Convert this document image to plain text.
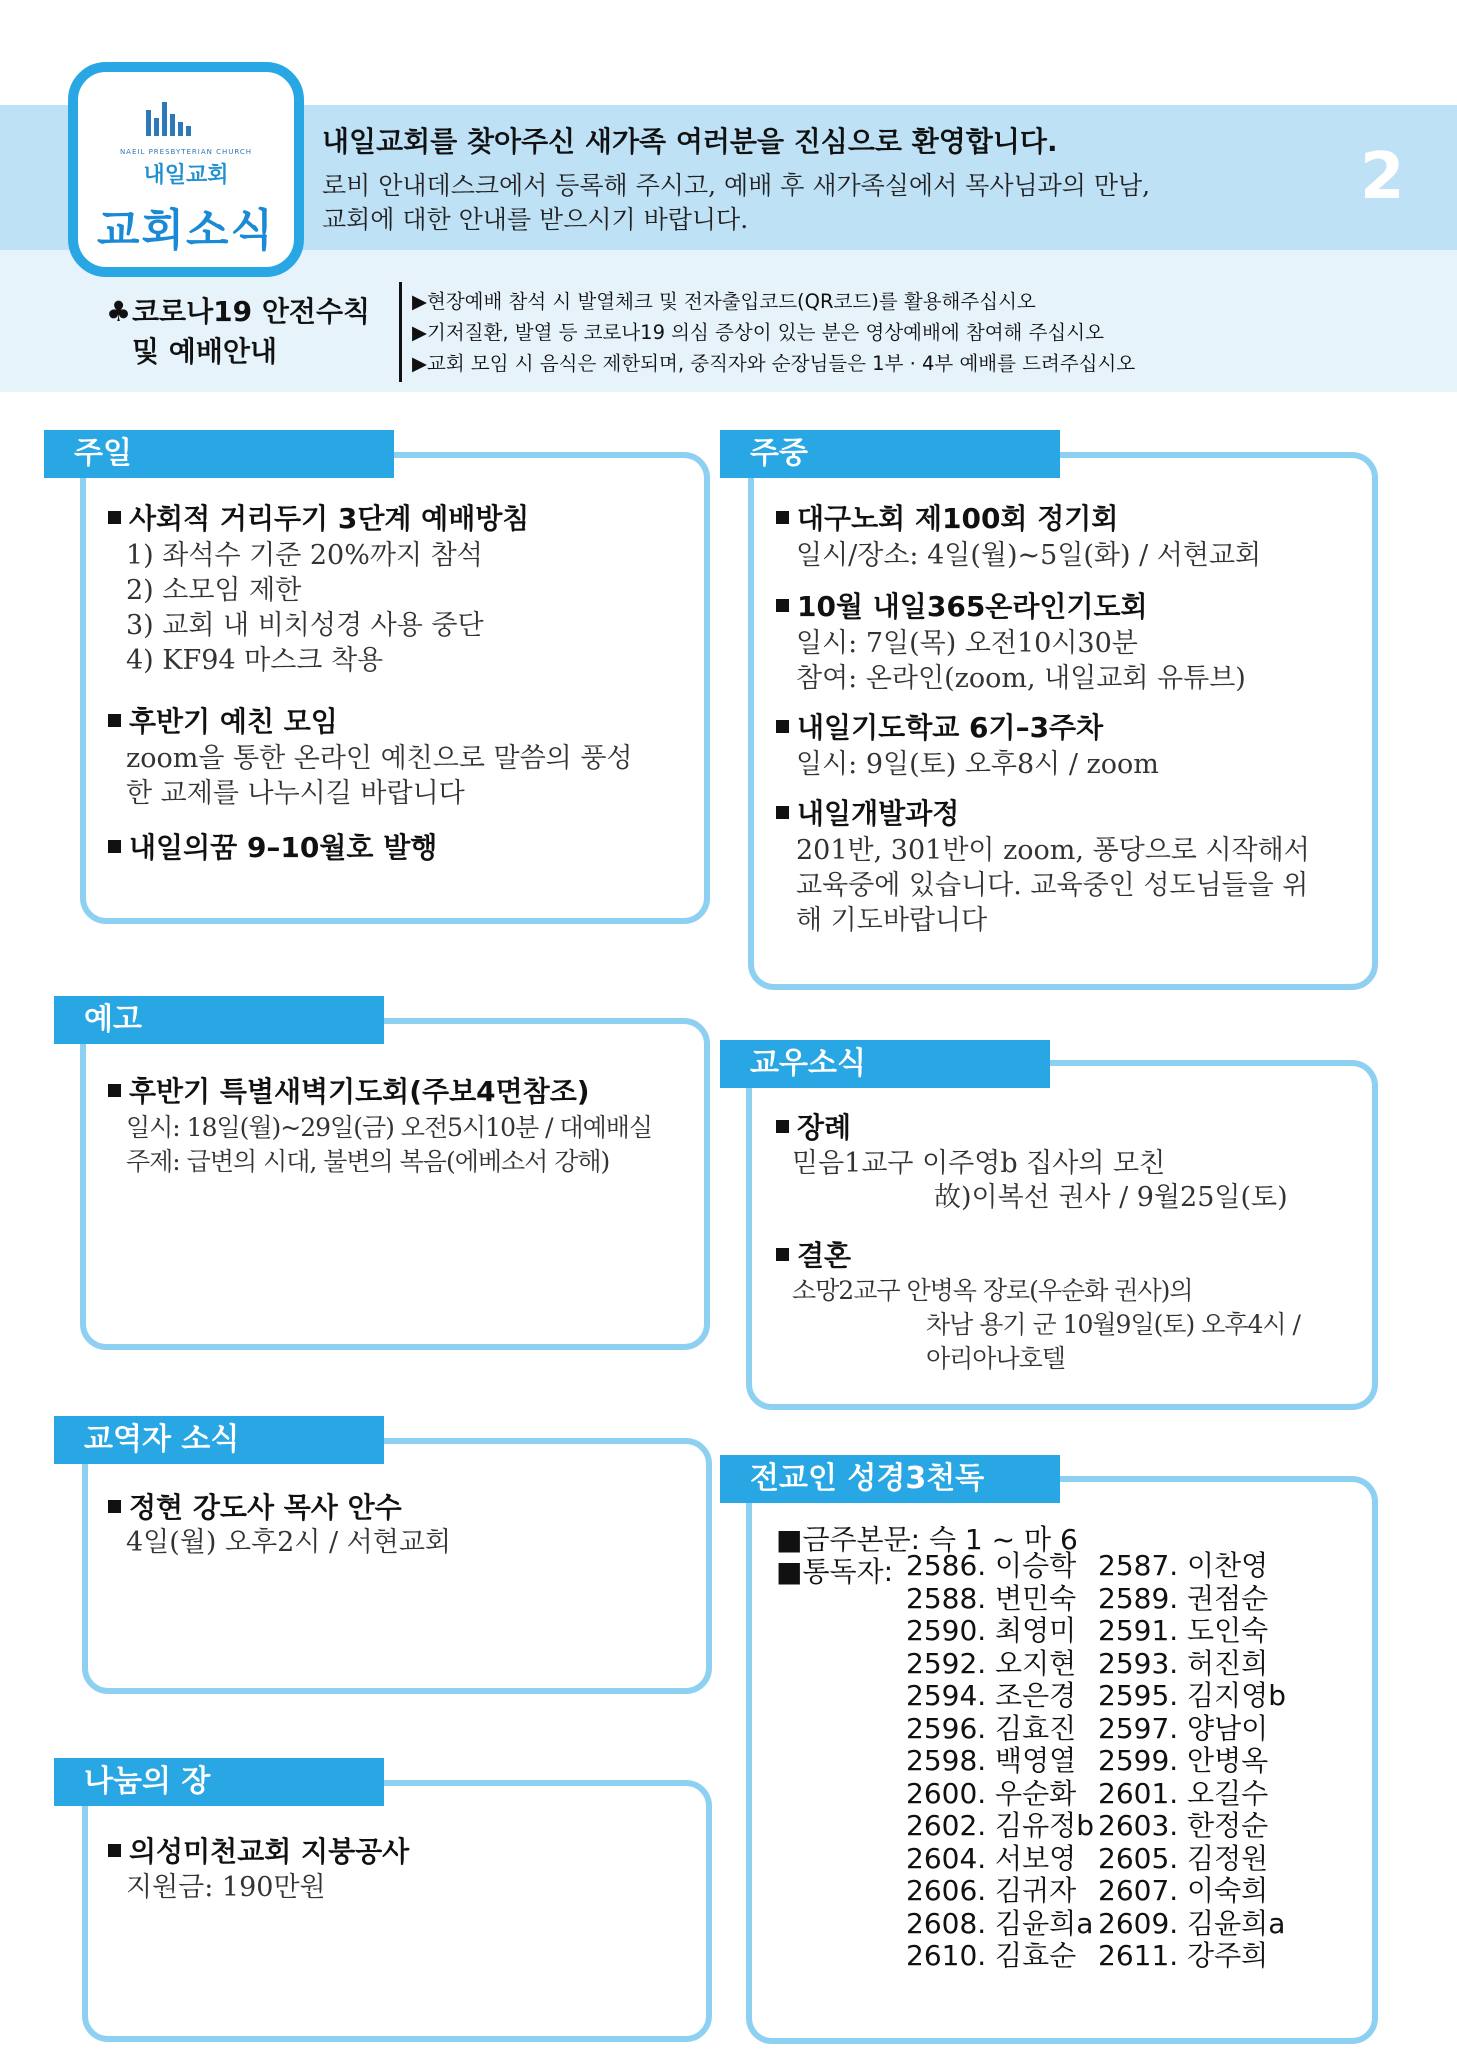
NAEIL PRESBYTERIAN CHURCH
내일교회
교회소식
내일교회를 찾아주신 새가족 여러분을 진심으로 환영합니다.
로비 안내데스크에서 등록해 주시고, 예배 후 새가족실에서 목사님과의 만남,
교회에 대한 안내를 받으시기 바랍니다.
2
♣ 코로나19 안전수칙
및 예배안내
▶현장예배 참석 시 발열체크 및 전자출입코드(QR코드)를 활용해주십시오
▶기저질환, 발열 등 코로나19 의심 증상이 있는 분은 영상예배에 참여해 주십시오
▶교회 모임 시 음식은 제한되며, 중직자와 순장님들은 1부 · 4부 예배를 드려주십시오
주일
사회적 거리두기 3단계 예배방침
1) 좌석수 기준 20%까지 참석
2) 소모임 제한
3) 교회 내 비치성경 사용 중단
4) KF94 마스크 착용
후반기 예친 모임
zoom을 통한 온라인 예친으로 말씀의 풍성
한 교제를 나누시길 바랍니다
내일의꿈 9–10월호 발행
주중
대구노회 제100회 정기회
일시/장소: 4일(월)~5일(화) / 서현교회
10월 내일365온라인기도회
일시: 7일(목) 오전10시30분
참여: 온라인(zoom, 내일교회 유튜브)
내일기도학교 6기–3주차
일시: 9일(토) 오후8시 / zoom
내일개발과정
201반, 301반이 zoom, 퐁당으로 시작해서
교육중에 있습니다. 교육중인 성도님들을 위
해 기도바랍니다
예고
후반기 특별새벽기도회(주보4면참조)
일시: 18일(월)~29일(금) 오전5시10분 / 대예배실
주제: 급변의 시대, 불변의 복음(에베소서 강해)
교우소식
장례
믿음1교구 이주영b 집사의 모친
故)이복선 권사 / 9월25일(토)
결혼
소망2교구 안병옥 장로(우순화 권사)의
차남 용기 군 10월9일(토) 오후4시 /
아리아나호텔
교역자 소식
정현 강도사 목사 안수
4일(월) 오후2시 / 서현교회
나눔의 장
의성미천교회 지붕공사
지원금: 190만원
전교인 성경3천독
■금주본문: 슥 1 ~ 마 6
■통독자: 2586. 이승학 2587. 이찬영
2588. 변민숙 2589. 권점순
2590. 최영미 2591. 도인숙
2592. 오지현 2593. 허진희
2594. 조은경 2595. 김지영b
2596. 김효진 2597. 양남이
2598. 백영열 2599. 안병옥
2600. 우순화 2601. 오길수
2602. 김유정b 2603. 한정순
2604. 서보영 2605. 김정원
2606. 김귀자 2607. 이숙희
2608. 김윤희a 2609. 김윤희a
2610. 김효순 2611. 강주희
